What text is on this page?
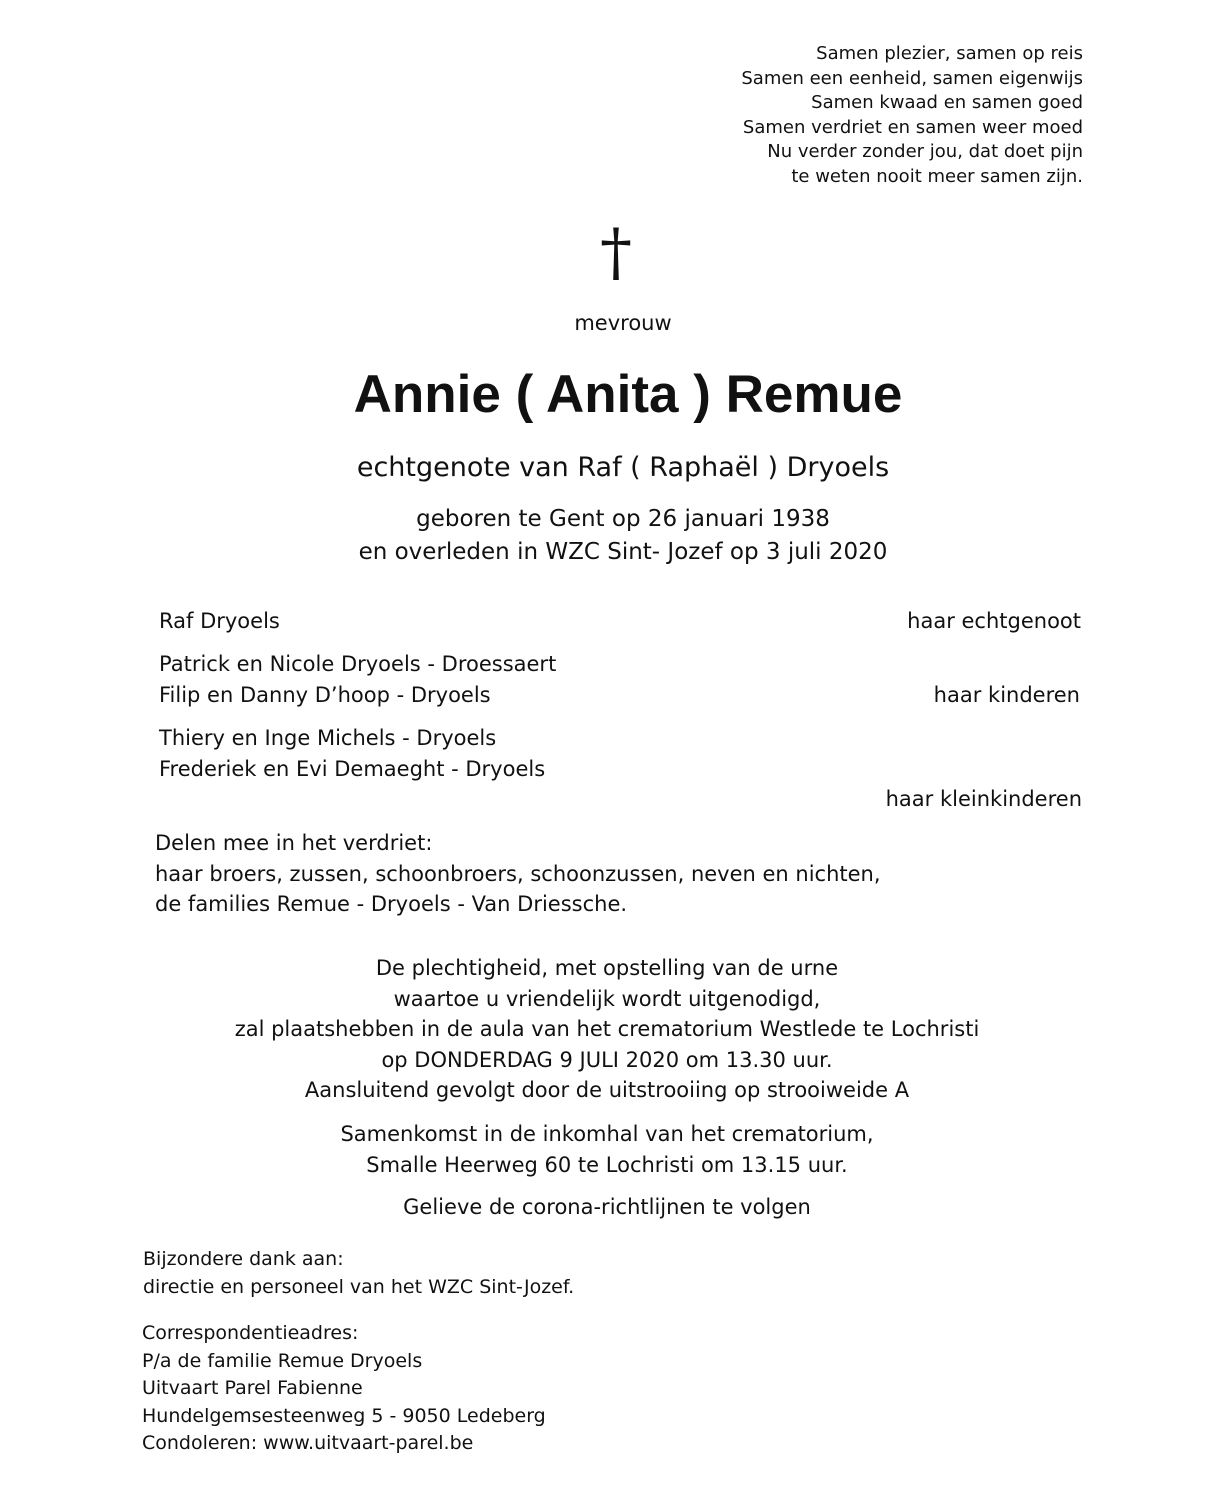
Samen plezier, samen op reis
Samen een eenheid, samen eigenwijs
Samen kwaad en samen goed
Samen verdriet en samen weer moed
Nu verder zonder jou, dat doet pijn
te weten nooit meer samen zijn.
†
mevrouw
Annie ( Anita ) Remue
echtgenote van Raf ( Raphaël ) Dryoels
geboren te Gent op 26 januari 1938
en overleden in WZC Sint- Jozef op 3 juli 2020
Raf Dryoels	haar echtgenoot
Patrick en Nicole Dryoels - Droessaert
Filip en Danny D’hoop - Dryoels	haar kinderen
Thiery en Inge Michels - Dryoels
Frederiek en Evi Demaeght - Dryoels
haar kleinkinderen
Delen mee in het verdriet:
haar broers, zussen, schoonbroers, schoonzussen, neven en nichten,
de families Remue - Dryoels - Van Driessche.
De plechtigheid, met opstelling van de urne
waartoe u vriendelijk wordt uitgenodigd,
zal plaatshebben in de aula van het crematorium Westlede te Lochristi
op DONDERDAG 9 JULI 2020 om 13.30 uur.
Aansluitend gevolgt door de uitstrooiing op strooiweide A
Samenkomst in de inkomhal van het crematorium,
Smalle Heerweg 60 te Lochristi om 13.15 uur.
Gelieve de corona-richtlijnen te volgen
Bijzondere dank aan:
directie en personeel van het WZC Sint-Jozef.
Correspondentieadres:
P/a de familie Remue Dryoels
Uitvaart Parel Fabienne
Hundelgemsesteenweg 5 - 9050 Ledeberg
Condoleren: www.uitvaart-parel.be
